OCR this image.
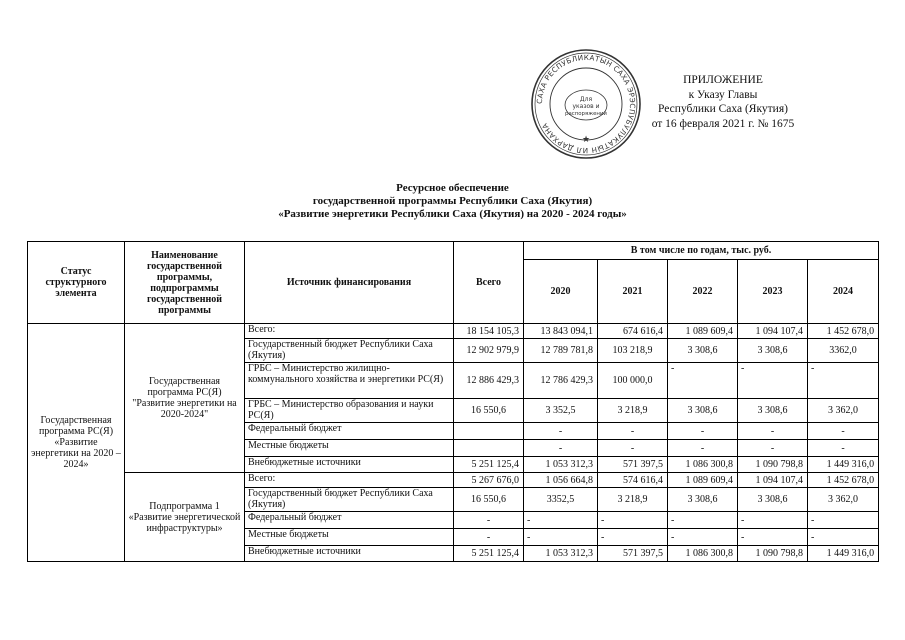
САХА РЕСПУБЛИКАТЫН САХА ЭРЭСПУБУЛУКАТЫН ИЛ ДАРХАНА
Для
указов и
распоряжений
★
ПРИЛОЖЕНИЕ
к Указу Главы
Республики Саха (Якутия)
от 16 февраля 2021 г. № 1675
Ресурсное обеспечение
государственной программы Республики Саха (Якутия)
«Развитие энергетики Республики Саха (Якутия) на 2020 - 2024 годы»
Статус структурного элемента	Наименование государственной программы, подпрограммы государственной программы	Источник финансирования	Всего	В том числе по годам, тыс. руб.				
				2020	2021	2022	2023	2024
Государственная программа РС(Я) «Развитие энергетики на 2020 – 2024»	Государственная программа РС(Я) "Развитие энергетики на 2020-2024"	Всего:	18 154 105,3	13 843 094,1	674 616,4	1 089 609,4	1 094 107,4	1 452 678,0
		Государственный бюджет Республики Саха (Якутия)	12 902 979,9	12 789 781,8	103 218,9	3 308,6	3 308,6	3362,0
		ГРБС – Министерство жилищно-коммунального хозяйства и энергетики РС(Я)	12 886 429,3	12 786 429,3	100 000,0	-	-	-
		ГРБС – Министерство образования и науки РС(Я)	16 550,6	3 352,5	3 218,9	3 308,6	3 308,6	3 362,0
		Федеральный бюджет		-	-	-	-	-
		Местные бюджеты		-	-	-	-	-
		Внебюджетные источники	5 251 125,4	1 053 312,3	571 397,5	1 086 300,8	1 090 798,8	1 449 316,0
	Подпрограмма 1 «Развитие энергетической инфраструктуры»	Всего:	5 267 676,0	1 056 664,8	574 616,4	1 089 609,4	1 094 107,4	1 452 678,0
		Государственный бюджет Республики Саха (Якутия)	16 550,6	3352,5	3 218,9	3 308,6	3 308,6	3 362,0
		Федеральный бюджет	-	-	-	-	-	-
		Местные бюджеты	-	-	-	-	-	-
		Внебюджетные источники	5 251 125,4	1 053 312,3	571 397,5	1 086 300,8	1 090 798,8	1 449 316,0
